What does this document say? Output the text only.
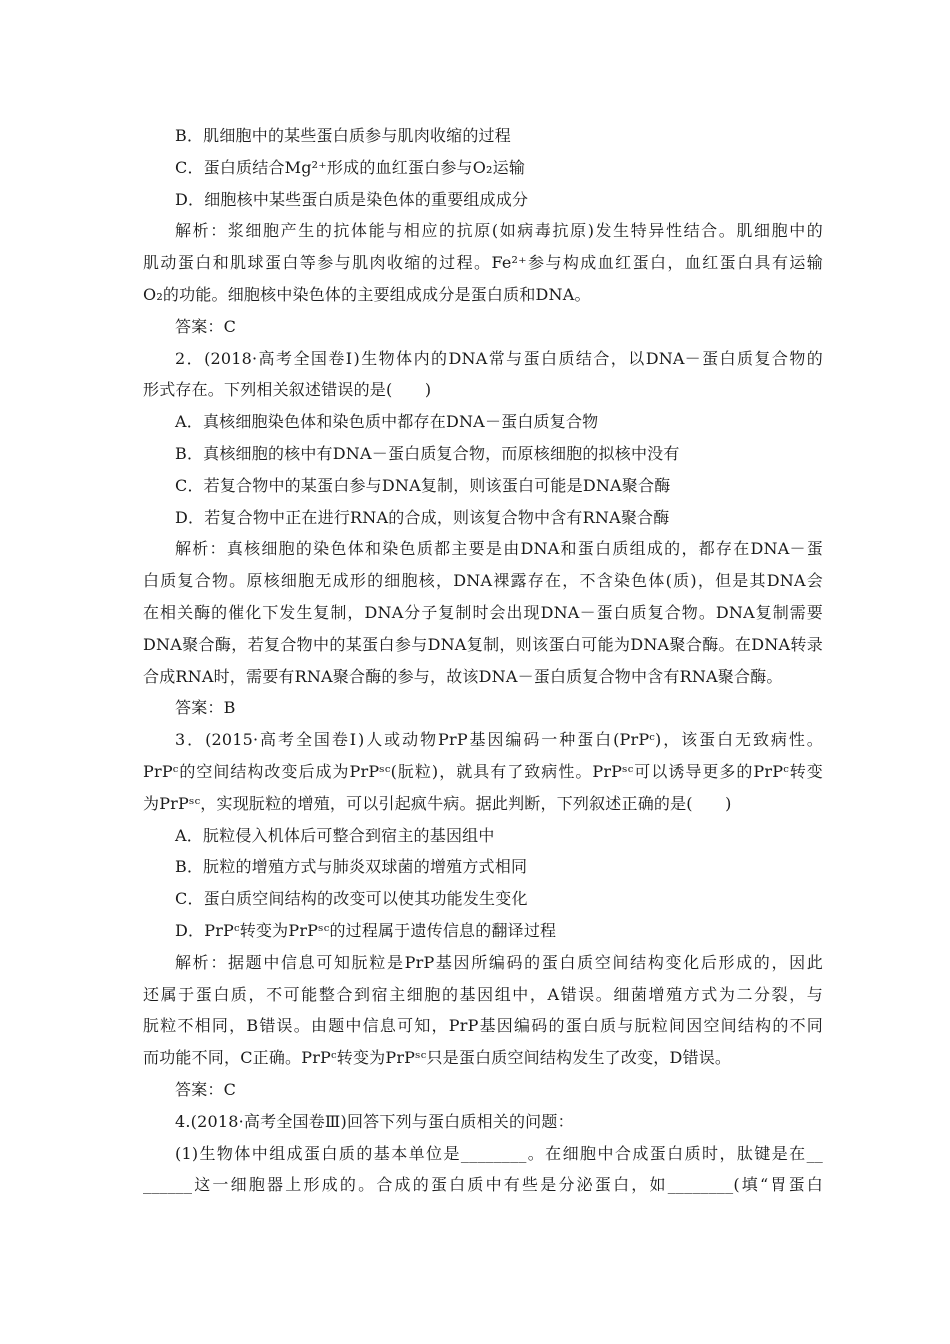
B．肌细胞中的某些蛋白质参与肌肉收缩的过程
C．蛋白质结合Mg²⁺形成的血红蛋白参与O₂运输
D．细胞核中某些蛋白质是染色体的重要组成成分
解析：浆细胞产生的抗体能与相应的抗原(如病毒抗原)发生特异性结合。肌细胞中的
肌动蛋白和肌球蛋白等参与肌肉收缩的过程。Fe²⁺参与构成血红蛋白，血红蛋白具有运输
O₂的功能。细胞核中染色体的主要组成成分是蛋白质和DNA。
答案：C
2．(2018·高考全国卷Ⅰ)生物体内的DNA常与蛋白质结合，以DNA－蛋白质复合物的
形式存在。下列相关叙述错误的是(　　)
A．真核细胞染色体和染色质中都存在DNA－蛋白质复合物
B．真核细胞的核中有DNA－蛋白质复合物，而原核细胞的拟核中没有
C．若复合物中的某蛋白参与DNA复制，则该蛋白可能是DNA聚合酶
D．若复合物中正在进行RNA的合成，则该复合物中含有RNA聚合酶
解析：真核细胞的染色体和染色质都主要是由DNA和蛋白质组成的，都存在DNA－蛋
白质复合物。原核细胞无成形的细胞核，DNA裸露存在，不含染色体(质)，但是其DNA会
在相关酶的催化下发生复制，DNA分子复制时会出现DNA－蛋白质复合物。DNA复制需要
DNA聚合酶，若复合物中的某蛋白参与DNA复制，则该蛋白可能为DNA聚合酶。在DNA转录
合成RNA时，需要有RNA聚合酶的参与，故该DNA－蛋白质复合物中含有RNA聚合酶。
答案：B
3．(2015·高考全国卷Ⅰ)人或动物PrP基因编码一种蛋白(PrPᶜ)，该蛋白无致病性。
PrPᶜ的空间结构改变后成为PrPˢᶜ(朊粒)，就具有了致病性。PrPˢᶜ可以诱导更多的PrPᶜ转变
为PrPˢᶜ，实现朊粒的增殖，可以引起疯牛病。据此判断，下列叙述正确的是(　　)
A．朊粒侵入机体后可整合到宿主的基因组中
B．朊粒的增殖方式与肺炎双球菌的增殖方式相同
C．蛋白质空间结构的改变可以使其功能发生变化
D．PrPᶜ转变为PrPˢᶜ的过程属于遗传信息的翻译过程
解析：据题中信息可知朊粒是PrP基因所编码的蛋白质空间结构变化后形成的，因此
还属于蛋白质，不可能整合到宿主细胞的基因组中，A错误。细菌增殖方式为二分裂，与
朊粒不相同，B错误。由题中信息可知，PrP基因编码的蛋白质与朊粒间因空间结构的不同
而功能不同，C正确。PrPᶜ转变为PrPˢᶜ只是蛋白质空间结构发生了改变，D错误。
答案：C
4.(2018·高考全国卷Ⅲ)回答下列与蛋白质相关的问题：
(1)生物体中组成蛋白质的基本单位是________。在细胞中合成蛋白质时，肽键是在__
______这一细胞器上形成的。合成的蛋白质中有些是分泌蛋白，如________(填“胃蛋白
